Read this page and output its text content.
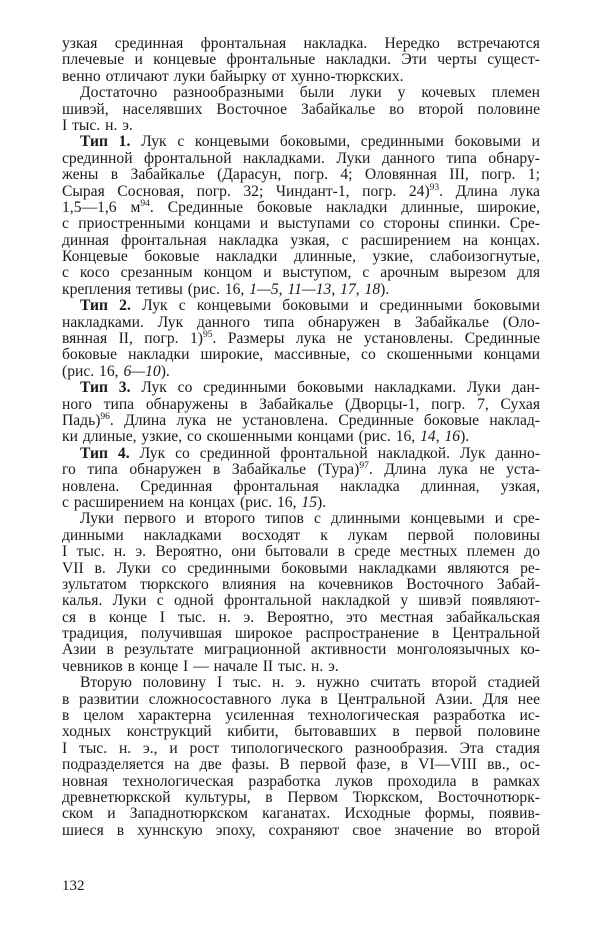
узкая срединная фронтальная накладка. Нередко встречаются
плечевые и концевые фронтальные накладки. Эти черты сущест-
венно отличают луки байырку от хунно-тюркских.
Достаточно разнообразными были луки у кочевых племен
шивэй, населявших Восточное Забайкалье во второй половине
I тыс. н. э.
Тип 1. Лук с концевыми боковыми, срединными боковыми и
срединной фронтальной накладками. Луки данного типа обнару-
жены в Забайкалье (Дарасун, погр. 4; Оловянная III, погр. 1;
Сырая Сосновая, погр. 32; Чиндант-1, погр. 24)$^{93}$. Длина лука
1,5—1,6 $м^{94}$. Срединные боковые накладки длинные, широкие,
с приостренными концами и выступами со стороны спинки. Сре-
динная фронтальная накладка узкая, с расширением на концах.
Концевые боковые накладки длинные, узкие, слабоизогнутые,
с косо срезанным концом и выступом, с арочным вырезом для
крепления тетивы (рис. 16, 1—5, 11—13, 17, 18).
Тип 2. Лук с концевыми боковыми и срединными боковыми
накладками. Лук данного типа обнаружен в Забайкалье (Оло-
вянная II, погр. 1)$^{95}$. Размеры лука не установлены. Срединные
боковые накладки широкие, массивные, со скошенными концами
(рис. 16, 6—10).
Тип 3. Лук со срединными боковыми накладками. Луки дан-
ного типа обнаружены в Забайкалье (Дворцы-1, погр. 7, Сухая
Падь)$^{96}$. Длина лука не установлена. Срединные боковые наклад-
ки длиные, узкие, со скошенными концами (рис. 16, 14, 16).
Тип 4. Лук со срединной фронтальной накладкой. Лук данно-
го типа обнаружен в Забайкалье (Тура)$^{97}$. Длина лука не уста-
новлена. Срединная фронтальная накладка длинная, узкая,
с расширением на концах (рис. 16, 15).
Луки первого и второго типов с длинными концевыми и сре-
динными накладками восходят к лукам первой половины
I тыс. н. э. Вероятно, они бытовали в среде местных племен до
VII в. Луки со срединными боковыми накладками являются ре-
зультатом тюркского влияния на кочевников Восточного Забай-
калья. Луки с одной фронтальной накладкой у шивэй появляют-
ся в конце I тыс. н. э. Вероятно, это местная забайкальская
традиция, получившая широкое распространение в Центральной
Азии в результате миграционной активности монголоязычных ко-
чевников в конце I — начале II тыс. н. э.
Вторую половину I тыс. н. э. нужно считать второй стадией
в развитии сложносоставного лука в Центральной Азии. Для нее
в целом характерна усиленная технологическая разработка ис-
ходных конструкций кибити, бытовавших в первой половине
I тыс. н. э., и рост типологического разнообразия. Эта стадия
подразделяется на две фазы. В первой фазе, в VI—VIII вв., ос-
новная технологическая разработка луков проходила в рамках
древнетюркской культуры, в Первом Тюркском, Восточнотюрк-
ском и Западнотюркском каганатах. Исходные формы, появив-
шиеся в хуннскую эпоху, сохраняют свое значение во второй
132
